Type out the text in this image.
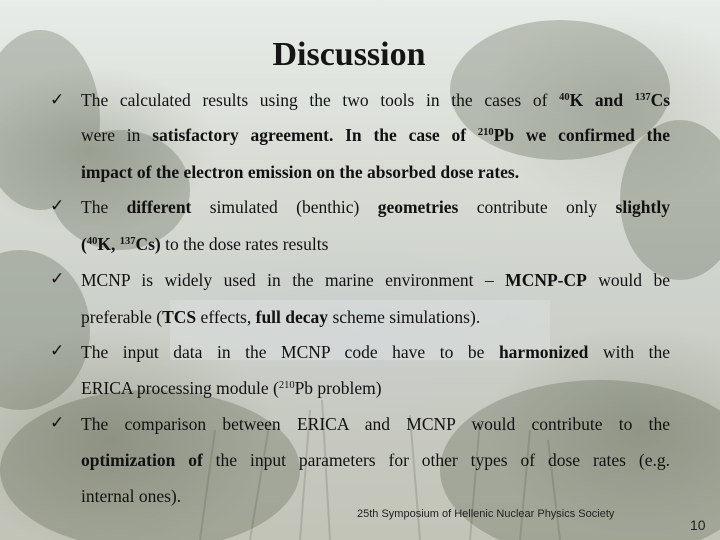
Discussion
✓ The calculated results using the two tools in the cases of $^{40}$K and $^{137}$Cs
were in satisfactory agreement. In the case of $^{210}$Pb we confirmed the
impact of the electron emission on the absorbed dose rates.
✓ The different simulated (benthic) geometries contribute only slightly
($^{40}$K, $^{137}$Cs) to the dose rates results
✓ MCNP is widely used in the marine environment – MCNP-CP would be
preferable (TCS effects, full decay scheme simulations).
✓ The input data in the MCNP code have to be harmonized with the
ERICA processing module ($^{210}$Pb problem)
✓ The comparison between ERICA and MCNP would contribute to the
optimization of the input parameters for other types of dose rates (e.g.
internal ones).
25th Symposium of Hellenic Nuclear Physics Society
10
